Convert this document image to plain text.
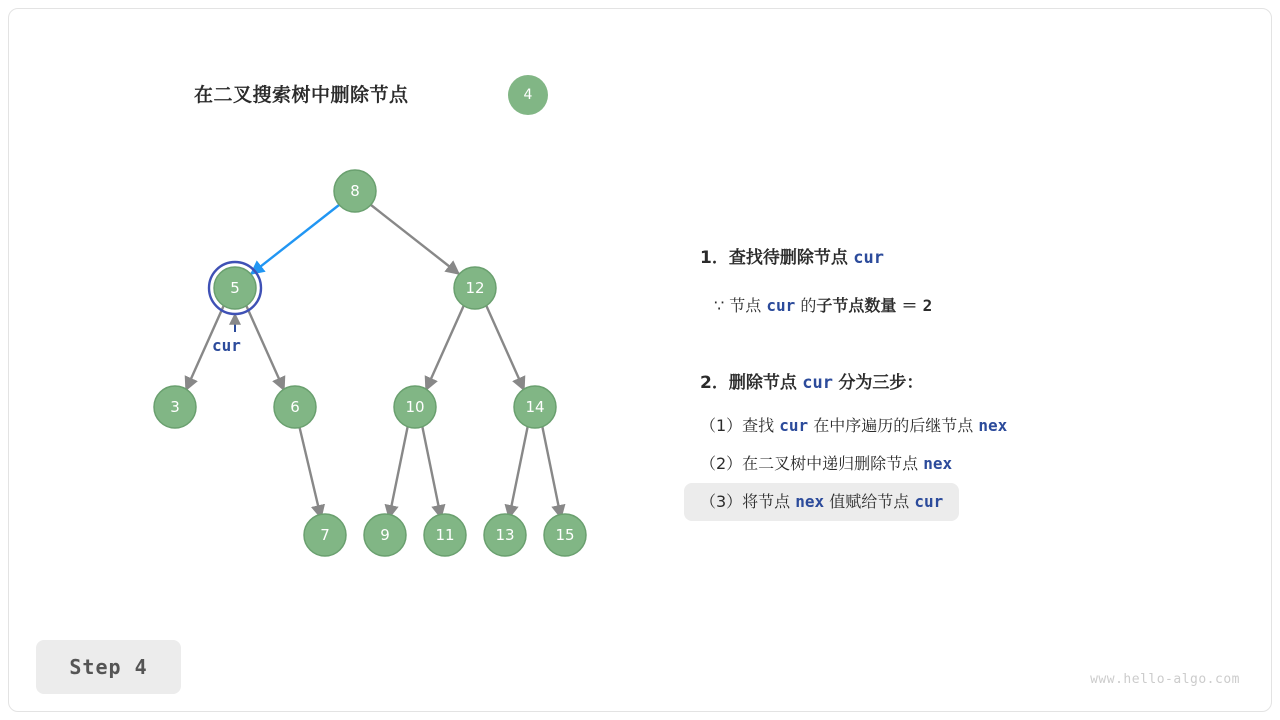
在二叉搜索树中删除节点	4
8
5	12
3	6	10	14
7	9	11	13	15
cur
1．查找待删除节点 cur
∵ 节点 cur 的子节点数量 ＝ 2
2．删除节点 cur 分为三步：
（1）查找 cur 在中序遍历的后继节点 nex
（2）在二叉树中递归删除节点 nex
（3）将节点 nex 值赋给节点 cur
Step 4
www.hello-algo.com
